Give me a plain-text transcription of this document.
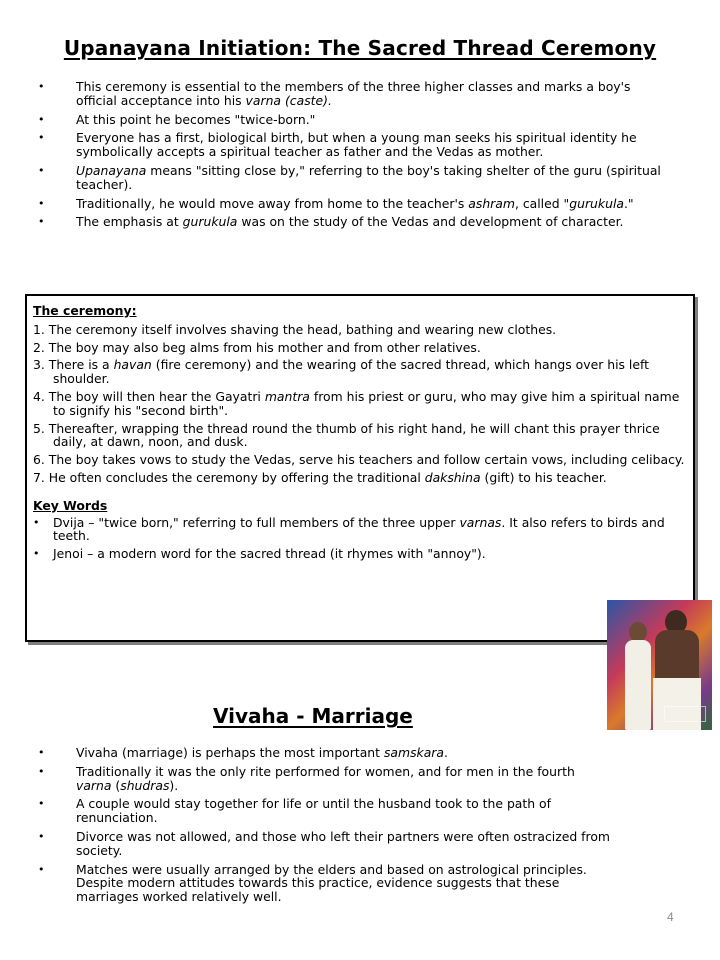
Upanayana Initiation: The Sacred Thread Ceremony
• This ceremony is essential to the members of the three higher classes and marks a boy's official acceptance into his varna (caste).
• At this point he becomes "twice-born."
• Everyone has a first, biological birth, but when a young man seeks his spiritual identity he symbolically accepts a spiritual teacher as father and the Vedas as mother.
• Upanayana means "sitting close by," referring to the boy's taking shelter of the guru (spiritual teacher).
• Traditionally, he would move away from home to the teacher's ashram, called "gurukula."
• The emphasis at gurukula was on the study of the Vedas and development of character.
The ceremony:
1. The ceremony itself involves shaving the head, bathing and wearing new clothes.
2. The boy may also beg alms from his mother and from other relatives.
3. There is a havan (fire ceremony) and the wearing of the sacred thread, which hangs over his left shoulder.
4. The boy will then hear the Gayatri mantra from his priest or guru, who may give him a spiritual name to signify his "second birth".
5. Thereafter, wrapping the thread round the thumb of his right hand, he will chant this prayer thrice daily, at dawn, noon, and dusk.
6. The boy takes vows to study the Vedas, serve his teachers and follow certain vows, including celibacy.
7. He often concludes the ceremony by offering the traditional dakshina (gift) to his teacher.
Key Words
• Dvija – "twice born," referring to full members of the three upper varnas. It also refers to birds and teeth.
• Jenoi – a modern word for the sacred thread (it rhymes with "annoy").
Vivaha - Marriage
• Vivaha (marriage) is perhaps the most important samskara.
• Traditionally it was the only rite performed for women, and for men in the fourth varna (shudras).
• A couple would stay together for life or until the husband took to the path of renunciation.
• Divorce was not allowed, and those who left their partners were often ostracized from society.
• Matches were usually arranged by the elders and based on astrological principles. Despite modern attitudes towards this practice, evidence suggests that these marriages worked relatively well.
4
